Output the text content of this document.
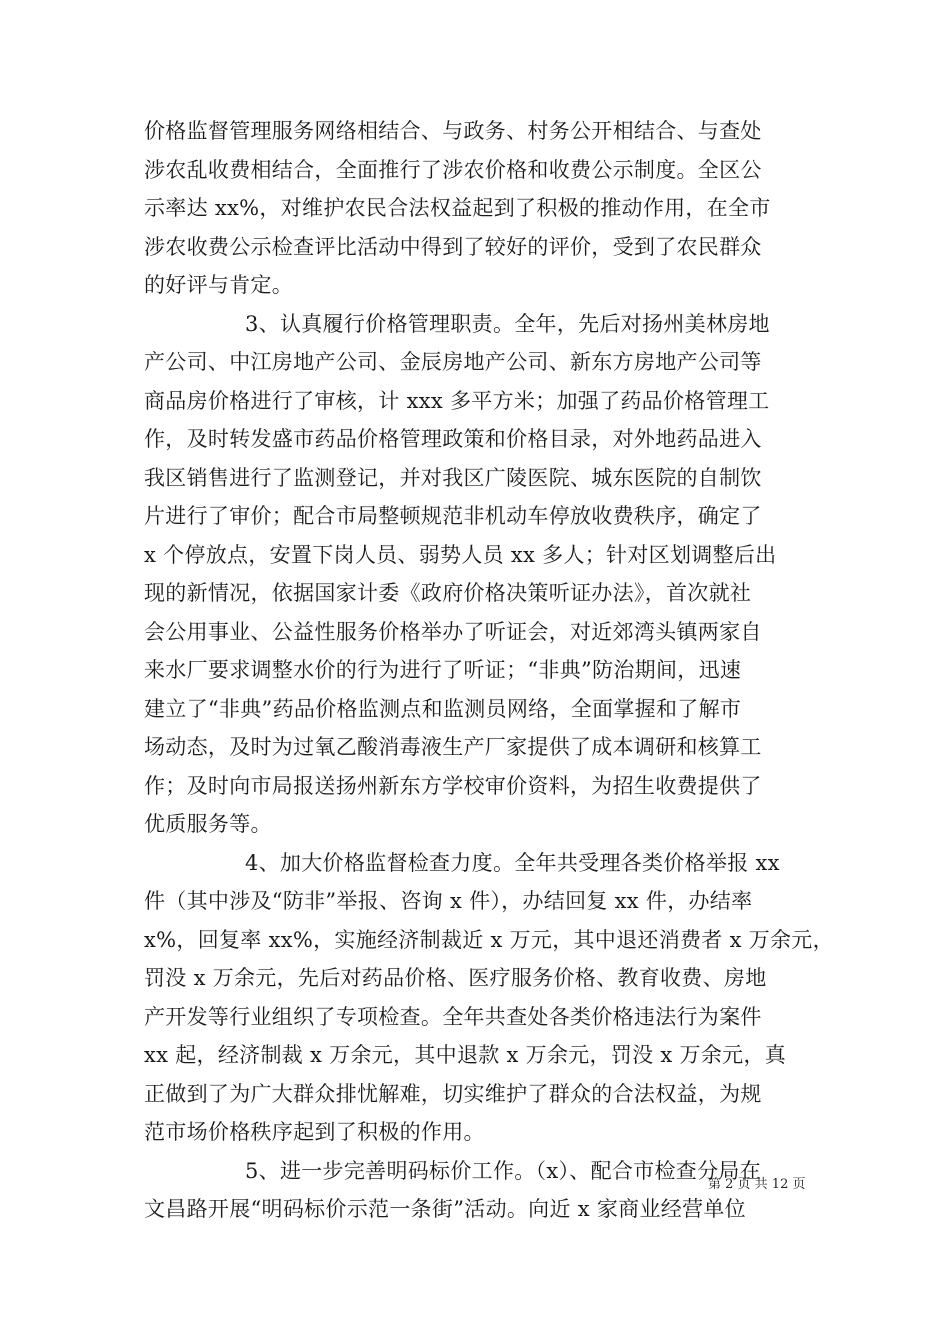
价格监督管理服务网络相结合、与政务、村务公开相结合、与查处
涉农乱收费相结合，全面推行了涉农价格和收费公示制度。全区公
示率达 xx%，对维护农民合法权益起到了积极的推动作用，在全市
涉农收费公示检查评比活动中得到了较好的评价，受到了农民群众
的好评与肯定。
3、认真履行价格管理职责。全年，先后对扬州美林房地
产公司、中江房地产公司、金辰房地产公司、新东方房地产公司等
商品房价格进行了审核，计 xxx 多平方米；加强了药品价格管理工
作，及时转发盛市药品价格管理政策和价格目录，对外地药品进入
我区销售进行了监测登记，并对我区广陵医院、城东医院的自制饮
片进行了审价；配合市局整顿规范非机动车停放收费秩序，确定了
x 个停放点，安置下岗人员、弱势人员 xx 多人；针对区划调整后出
现的新情况，依据国家计委《政府价格决策听证办法》，首次就社
会公用事业、公益性服务价格举办了听证会，对近郊湾头镇两家自
来水厂要求调整水价的行为进行了听证；“非典”防治期间，迅速
建立了“非典”药品价格监测点和监测员网络，全面掌握和了解市
场动态，及时为过氧乙酸消毒液生产厂家提供了成本调研和核算工
作；及时向市局报送扬州新东方学校审价资料，为招生收费提供了
优质服务等。
4、加大价格监督检查力度。全年共受理各类价格举报 xx
件（其中涉及“防非”举报、咨询 x 件），办结回复 xx 件，办结率
x%，回复率 xx%，实施经济制裁近 x 万元，其中退还消费者 x 万余元，
罚没 x 万余元，先后对药品价格、医疗服务价格、教育收费、房地
产开发等行业组织了专项检查。全年共查处各类价格违法行为案件
xx 起，经济制裁 x 万余元，其中退款 x 万余元，罚没 x 万余元，真
正做到了为广大群众排忧解难，切实维护了群众的合法权益，为规
范市场价格秩序起到了积极的作用。
5、进一步完善明码标价工作。（x）、配合市检查分局在
文昌路开展“明码标价示范一条街”活动。向近 x 家商业经营单位
第 2 页 共 12 页
